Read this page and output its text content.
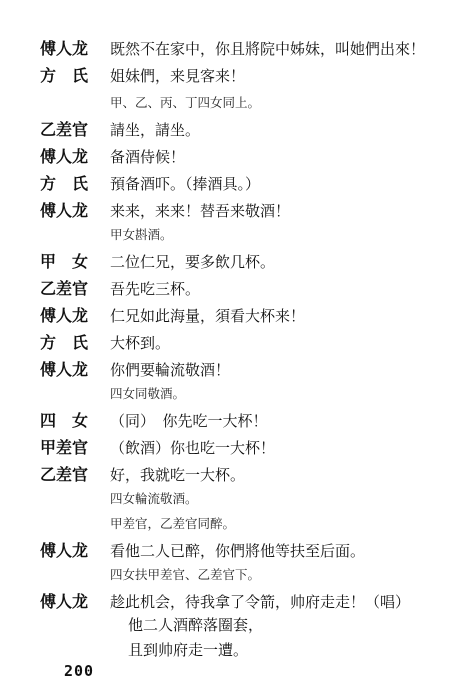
傅人龙	既然不在家中，你且將院中姊妹，叫她們出來！
方　氏	姐妹們，来見客来！
甲、乙、丙、丁四女同上。
乙差官	請坐，請坐。
傅人龙	备酒侍候！
方　氏	預备酒吓。（捧酒具。）
傅人龙	来来，来来！替吾来敬酒！
甲女斟酒。
甲　女	二位仁兄，要多飲几杯。
乙差官	吾先吃三杯。
傅人龙	仁兄如此海量，須看大杯来！
方　氏	大杯到。
傅人龙	你們要輪流敬酒！
四女同敬酒。
四　女	（同）　你先吃一大杯！
甲差官	（飲酒）你也吃一大杯！
乙差官	好，我就吃一大杯。
四女輪流敬酒。
甲差官，乙差官同醉。
傅人龙	看他二人已醉，你們將他等扶至后面。
四女扶甲差官、乙差官下。
傅人龙	趁此机会，待我拿了令箭，帅府走走！（唱）
他二人酒醉落圈套，
且到帅府走一遭。
200
